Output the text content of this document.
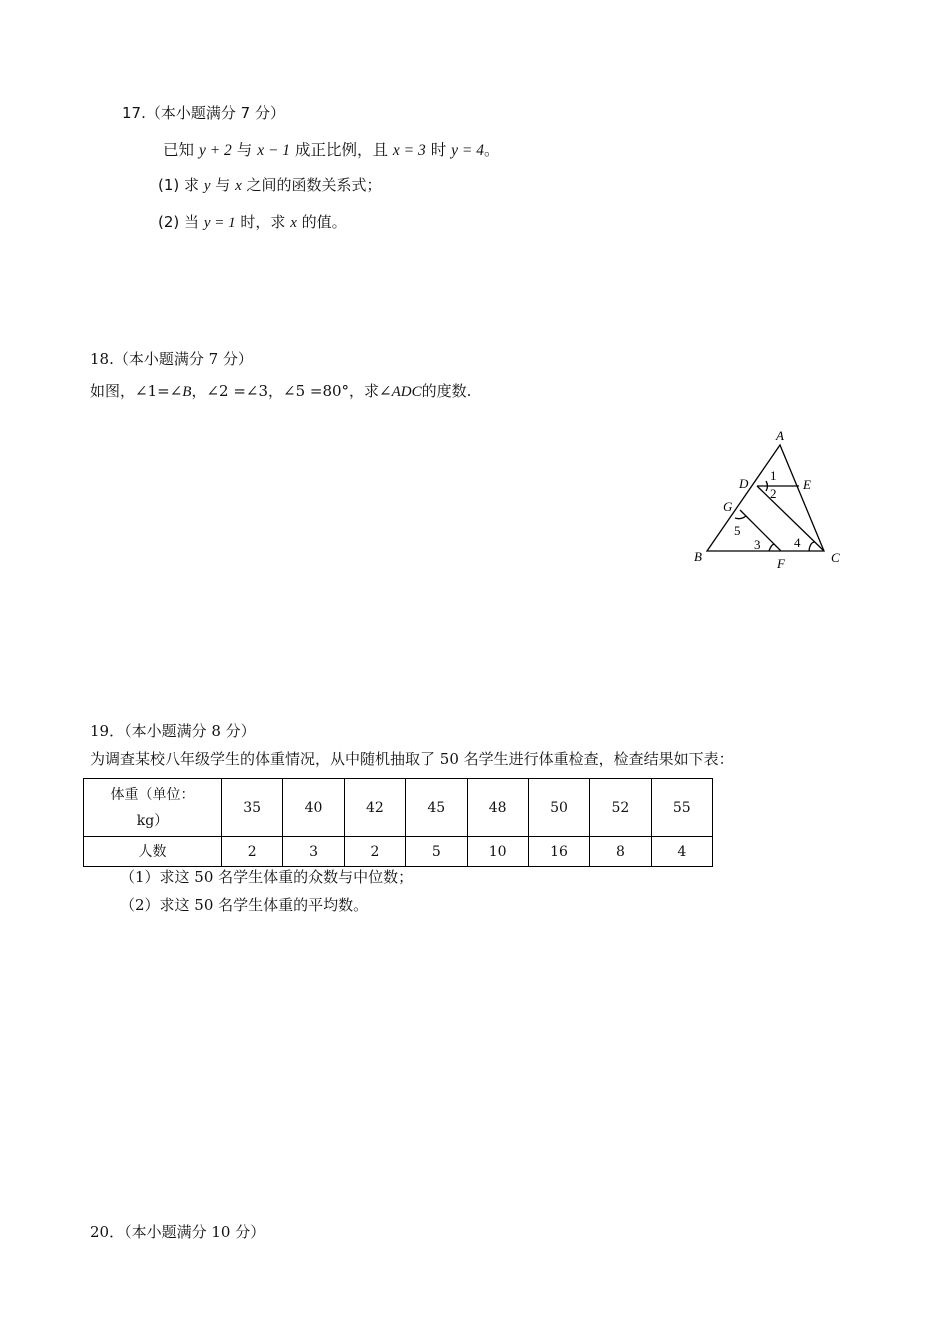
17.（本小题满分 7 分）
已知 y + 2 与 x − 1 成正比例，且 x = 3 时 y = 4。
(1) 求 y 与 x 之间的函数关系式；
(2) 当 y = 1 时，求 x 的值。
18.（本小题满分 7 分）
如图，∠1=∠B，∠2 =∠3，∠5 =80°，求∠ADC的度数.
A
D	E
G
B	F	C
1
2
5
3	4
19．（本小题满分 8 分）
为调查某校八年级学生的体重情况，从中随机抽取了 50 名学生进行体重检查，检查结果如下表：
体重（单位：
kg）	35	40	42	45	48	50	52	55
人数	2	3	2	5	10	16	8	4
（1）求这 50 名学生体重的众数与中位数；
（2）求这 50 名学生体重的平均数。
20．（本小题满分 10 分）
